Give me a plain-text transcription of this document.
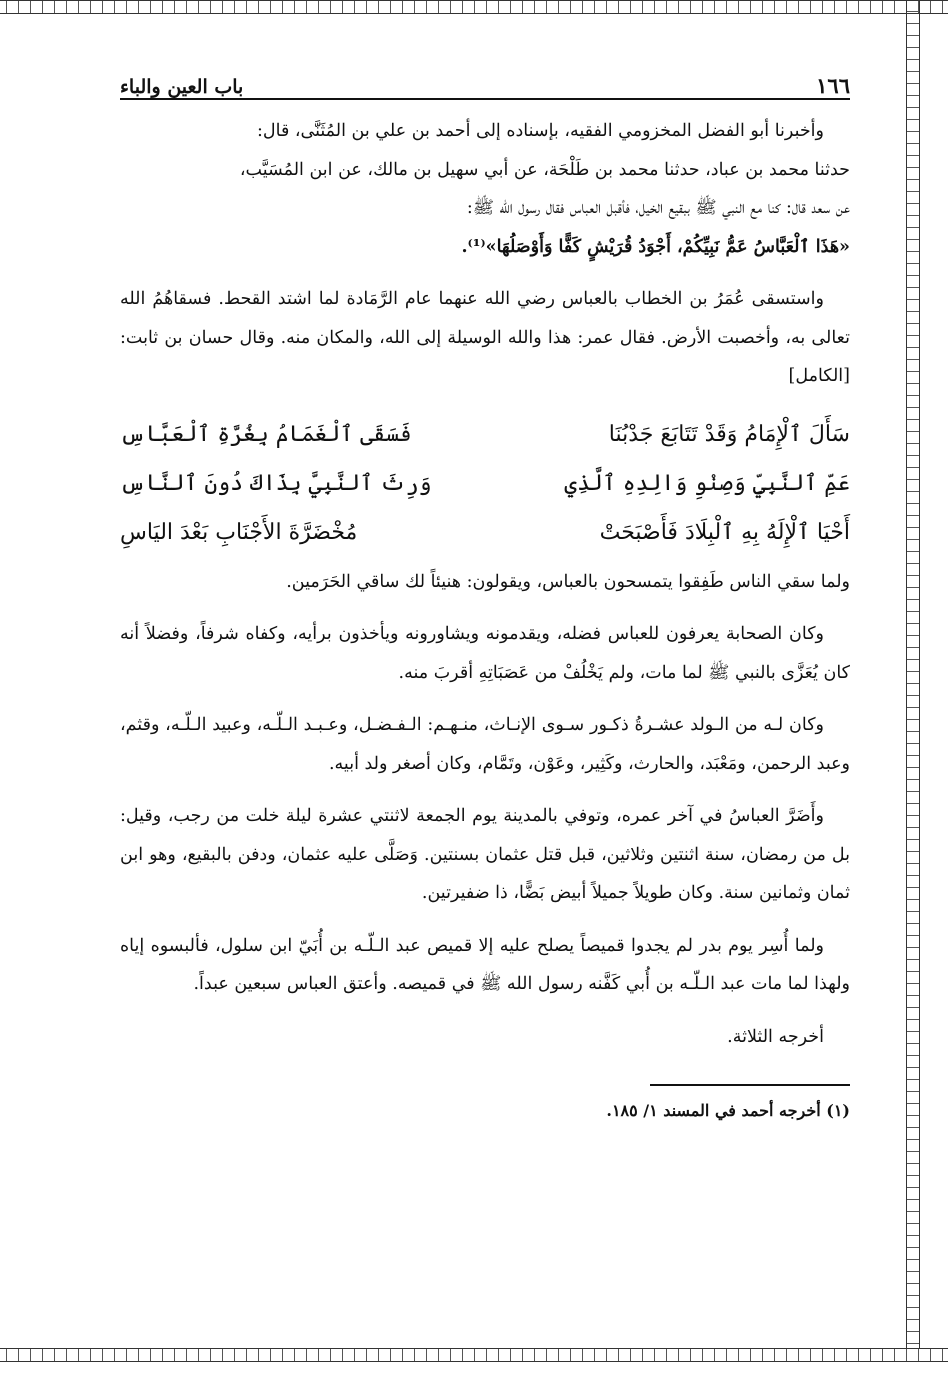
١٦٦
باب العين والباء

وأخبرنا أبو الفضل المخزومي الفقيه، بإسناده إلى أحمد بن علي بن المُثَنَّى، قال:

حدثنا محمد بن عباد، حدثنا محمد بن طَلْحَة، عن أبي سهيل بن مالك، عن ابن المُسَيَّب،

عن سعد قال: كنا مع النبي ﷺ ببقيع الخيل، فأقبل العباس فقال رسول الله ﷺ:

«هَذَا ٱلْعَبَّاسُ عَمُّ نَبِيِّكُمْ، أَجْوَدُ قُرَيْشٍ كَفًّا وَأَوْصَلُهَا»⁽¹⁾.

واستسقى عُمَرُ بن الخطاب بالعباس رضي الله عنهما عام الرَّمَادة لما اشتد القحط. فسقاهُمُ الله تعالى به، وأخصبت الأرض. فقال عمر: هذا والله الوسيلة إلى الله، والمكان منه. وقال حسان بن ثابت: [الكامل]

سَأَلَ ٱلْإِمَامُ وَقَدْ تَتَابَعَ جَدْبُنَا
فَسَقَى ٱلْغَمَامُ بِغُرَّةِ ٱلْعَبَّاسِ
عَمِّ ٱلنَّبِيِّ وَصِنْوِ وَالِدِهِ ٱلَّذِي
وَرِثَ ٱلنَّبِيَّ بِذَاكَ دُونَ ٱلنَّاسِ
أَحْيَا ٱلْإِلَهُ بِهِ ٱلْبِلَادَ فَأَصْبَحَتْ
مُخْضَرَّةَ الأَجْنَابِ بَعْدَ اليَاسِ

ولما سقي الناس طَفِقوا يتمسحون بالعباس، ويقولون: هنيئاً لك ساقي الحَرَمين.

وكان الصحابة يعرفون للعباس فضله، ويقدمونه ويشاورونه ويأخذون برأيه، وكفاه شرفاً، وفضلاً أنه كان يُعَزَّى بالنبي ﷺ لما مات، ولم يَخْلُفْ من عَصَبَاتِهِ أقربَ منه.

وكان لـه من الـولد عشـرةُ ذكـور سـوى الإنـاث، منـهـم: الـفـضـل، وعـبـد الـلّـه، وعبيد الـلّـه، وقثم، وعبد الرحمن، ومَعْبَد، والحارث، وكَثِير، وعَوْن، وتَمَّام، وكان أصغر ولد أبيه.

وأَضَرَّ العباسُ في آخر عمره، وتوفي بالمدينة يوم الجمعة لاثنتي عشرة ليلة خلت من رجب، وقيل: بل من رمضان، سنة اثنتين وثلاثين، قبل قتل عثمان بسنتين. وَصَلَّى عليه عثمان، ودفن بالبقيع، وهو ابن ثمان وثمانين سنة. وكان طويلاً جميلاً أبيض بَضًّا، ذا ضفيرتين.

ولما أُسِر يوم بدر لم يجدوا قميصاً يصلح عليه إلا قميص عبد الـلّـه بن أُبَيّ ابن سلول، فألبسوه إياه ولهذا لما مات عبد الـلّـه بن أُبي كَفَّنه رسول الله ﷺ في قميصه. وأعتق العباس سبعين عبداً.

أخرجه الثلاثة.

(١) أخرجه أحمد في المسند ١/ ١٨٥.
